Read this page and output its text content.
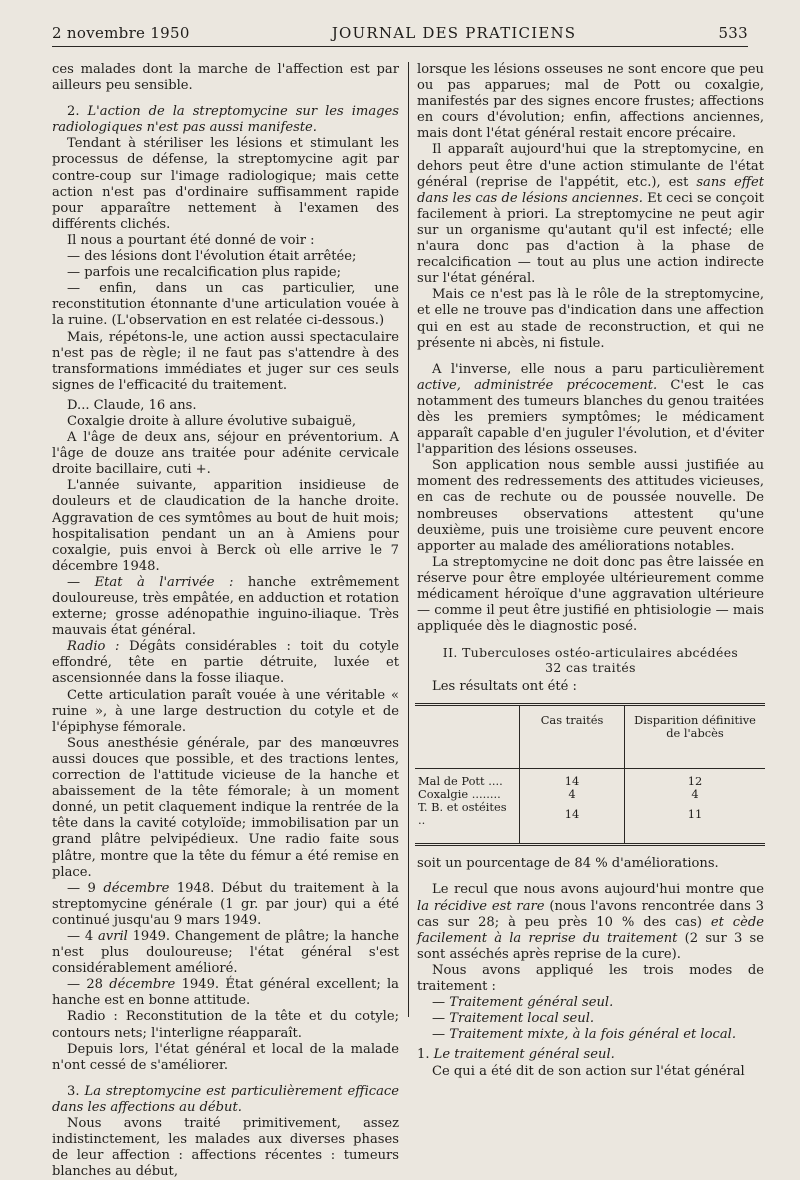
2 novembre 1950	JOURNAL DES PRATICIENS	533

ces malades dont la marche de l'affection est par ailleurs peu sensible.

2. L'action de la streptomycine sur les images radiologiques n'est pas aussi manifeste.

Tendant à stériliser les lésions et stimulant les processus de défense, la streptomycine agit par contre-coup sur l'image radiologique; mais cette action n'est pas d'ordinaire suffisamment rapide pour apparaître nettement à l'examen des différents clichés.

Il nous a pourtant été donné de voir :

— des lésions dont l'évolution était arrêtée;

— parfois une recalcification plus rapide;

— enfin, dans un cas particulier, une reconstitution étonnante d'une articulation vouée à la ruine. (L'observation en est relatée ci-dessous.)

Mais, répétons-le, une action aussi spectaculaire n'est pas de règle; il ne faut pas s'attendre à des transformations immédiates et juger sur ces seuls signes de l'efficacité du traitement.

D... Claude, 16 ans.

Coxalgie droite à allure évolutive subaiguë,

A l'âge de deux ans, séjour en préventorium. A l'âge de douze ans traitée pour adénite cervicale droite bacillaire, cuti +.

L'année suivante, apparition insidieuse de douleurs et de claudication de la hanche droite. Aggravation de ces symtômes au bout de huit mois; hospitalisation pendant un an à Amiens pour coxalgie, puis envoi à Berck où elle arrive le 7 décembre 1948.

— Etat à l'arrivée : hanche extrêmement douloureuse, très empâtée, en adduction et rotation externe; grosse adénopathie inguino-iliaque. Très mauvais état général.

Radio : Dégâts considérables : toit du cotyle effondré, tête en partie détruite, luxée et ascensionnée dans la fosse iliaque.

Cette articulation paraît vouée à une véritable « ruine », à une large destruction du cotyle et de l'épiphyse fémorale.

Sous anesthésie générale, par des manœuvres aussi douces que possible, et des tractions lentes, correction de l'attitude vicieuse de la hanche et abaissement de la tête fémorale; à un moment donné, un petit claquement indique la rentrée de la tête dans la cavité cotyloïde; immobilisation par un grand plâtre pelvipédieux. Une radio faite sous plâtre, montre que la tête du fémur a été remise en place.

— 9 décembre 1948. Début du traitement à la streptomycine générale (1 gr. par jour) qui a été continué jusqu'au 9 mars 1949.

— 4 avril 1949. Changement de plâtre; la hanche n'est plus douloureuse; l'état général s'est considérablement amélioré.

— 28 décembre 1949. État général excellent; la hanche est en bonne attitude.

Radio : Reconstitution de la tête et du cotyle; contours nets; l'interligne réapparaît.

Depuis lors, l'état général et local de la malade n'ont cessé de s'améliorer.

3. La streptomycine est particulièrement efficace dans les affections au début.

Nous avons traité primitivement, assez indistinctement, les malades aux diverses phases de leur affection : affections récentes : tumeurs blanches au début,

lorsque les lésions osseuses ne sont encore que peu ou pas apparues; mal de Pott ou coxalgie, manifestés par des signes encore frustes; affections en cours d'évolution; enfin, affections anciennes, mais dont l'état général restait encore précaire.

Il apparaît aujourd'hui que la streptomycine, en dehors peut être d'une action stimulante de l'état général (reprise de l'appétit, etc.), est sans effet dans les cas de lésions anciennes. Et ceci se conçoit facilement à priori. La streptomycine ne peut agir sur un organisme qu'autant qu'il est infecté; elle n'aura donc pas d'action à la phase de recalcification — tout au plus une action indirecte sur l'état général.

Mais ce n'est pas là le rôle de la streptomycine, et elle ne trouve pas d'indication dans une affection qui en est au stade de reconstruction, et qui ne présente ni abcès, ni fistule.

A l'inverse, elle nous a paru particulièrement active, administrée précocement. C'est le cas notamment des tumeurs blanches du genou traitées dès les premiers symptômes; le médicament apparaît capable d'en juguler l'évolution, et d'éviter l'apparition des lésions osseuses.

Son application nous semble aussi justifiée au moment des redressements des attitudes vicieuses, en cas de rechute ou de poussée nouvelle. De nombreuses observations attestent qu'une deuxième, puis une troisième cure peuvent encore apporter au malade des améliorations notables.

La streptomycine ne doit donc pas être laissée en réserve pour être employée ultérieurement comme médicament héroïque d'une aggravation ultérieure — comme il peut être justifié en phtisiologie — mais appliquée dès le diagnostic posé.

II. Tuberculoses ostéo-articulaires abcédées

32 cas traités

Les résultats ont été :

	Cas traités	Disparition définitive de l'abcès
Mal de Pott ....	14	12
Coxalgie ........	4	4
T. B. et ostéites ..	14	11

soit un pourcentage de 84 % d'améliorations.

Le recul que nous avons aujourd'hui montre que la récidive est rare (nous l'avons rencontrée dans 3 cas sur 28; à peu près 10 % des cas) et cède facilement à la reprise du traitement (2 sur 3 se sont asséchés après reprise de la cure).

Nous avons appliqué les trois modes de traitement :

— Traitement général seul.

— Traitement local seul.

— Traitement mixte, à la fois général et local.

1. Le traitement général seul.

Ce qui a été dit de son action sur l'état général
